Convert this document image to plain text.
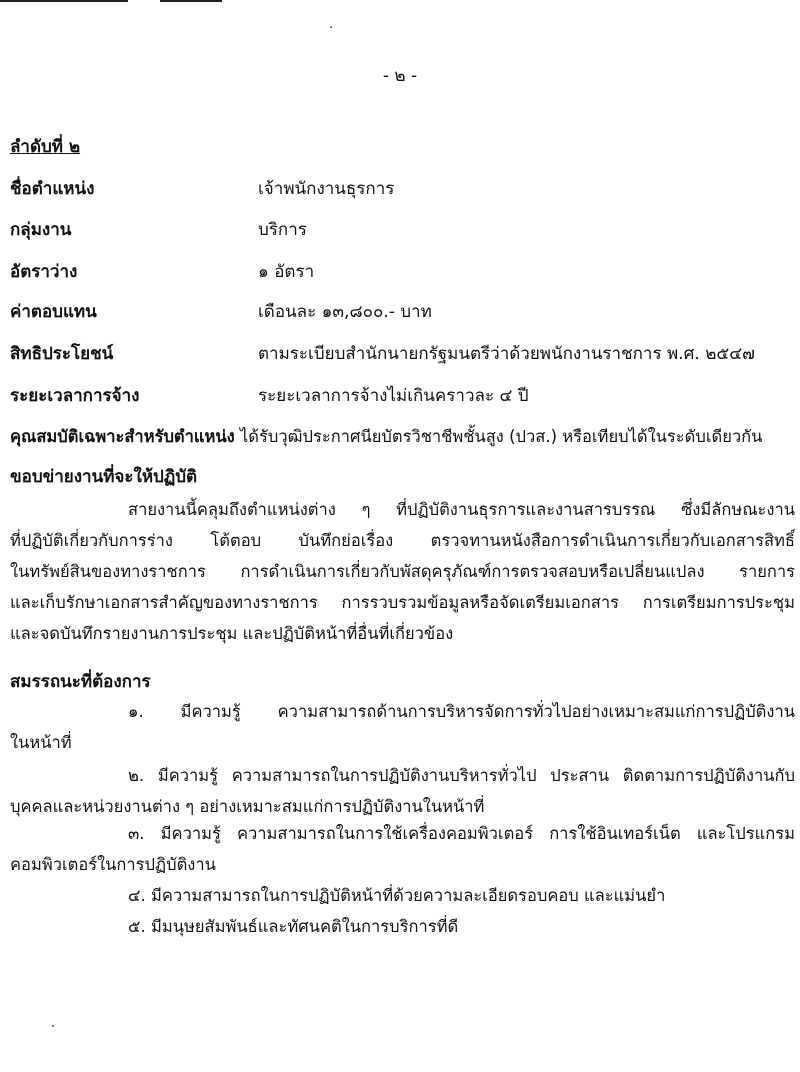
- ๒ -
ลำดับที่ ๒
ชื่อตำแหน่ง	เจ้าพนักงานธุรการ
กลุ่มงาน	บริการ
อัตราว่าง	๑ อัตรา
ค่าตอบแทน	เดือนละ ๑๓,๘๐๐.- บาท
สิทธิประโยชน์	ตามระเบียบสำนักนายกรัฐมนตรีว่าด้วยพนักงานราชการ พ.ศ. ๒๕๔๗
ระยะเวลาการจ้าง	ระยะเวลาการจ้างไม่เกินคราวละ ๔ ปี
คุณสมบัติเฉพาะสำหรับตำแหน่ง ได้รับวุฒิประกาศนียบัตรวิชาชีพชั้นสูง (ปวส.) หรือเทียบได้ในระดับเดียวกัน
ขอบข่ายงานที่จะให้ปฏิบัติ
สายงานนี้คลุมถึงตำแหน่งต่าง ๆ ที่ปฏิบัติงานธุรการและงานสารบรรณ ซึ่งมีลักษณะงาน
ที่ปฏิบัติเกี่ยวกับการร่าง โต้ตอบ บันทึกย่อเรื่อง ตรวจทานหนังสือการดำเนินการเกี่ยวกับเอกสารสิทธิ์
ในทรัพย์สินของทางราชการ การดำเนินการเกี่ยวกับพัสดุครุภัณฑ์การตรวจสอบหรือเปลี่ยนแปลง รายการ
และเก็บรักษาเอกสารสำคัญของทางราชการ การรวบรวมข้อมูลหรือจัดเตรียมเอกสาร การเตรียมการประชุม
และจดบันทึกรายงานการประชุม และปฏิบัติหน้าที่อื่นที่เกี่ยวข้อง
สมรรถนะที่ต้องการ
๑. มีความรู้ ความสามารถด้านการบริหารจัดการทั่วไปอย่างเหมาะสมแก่การปฏิบัติงาน
ในหน้าที่
๒. มีความรู้ ความสามารถในการปฏิบัติงานบริหารทั่วไป ประสาน ติดตามการปฏิบัติงานกับ
บุคคลและหน่วยงานต่าง ๆ อย่างเหมาะสมแก่การปฏิบัติงานในหน้าที่
๓. มีความรู้ ความสามารถในการใช้เครื่องคอมพิวเตอร์ การใช้อินเทอร์เน็ต และโปรแกรม
คอมพิวเตอร์ในการปฏิบัติงาน
๔. มีความสามารถในการปฏิบัติหน้าที่ด้วยความละเอียดรอบคอบ และแม่นยำ
๕. มีมนุษยสัมพันธ์และทัศนคติในการบริการที่ดี
